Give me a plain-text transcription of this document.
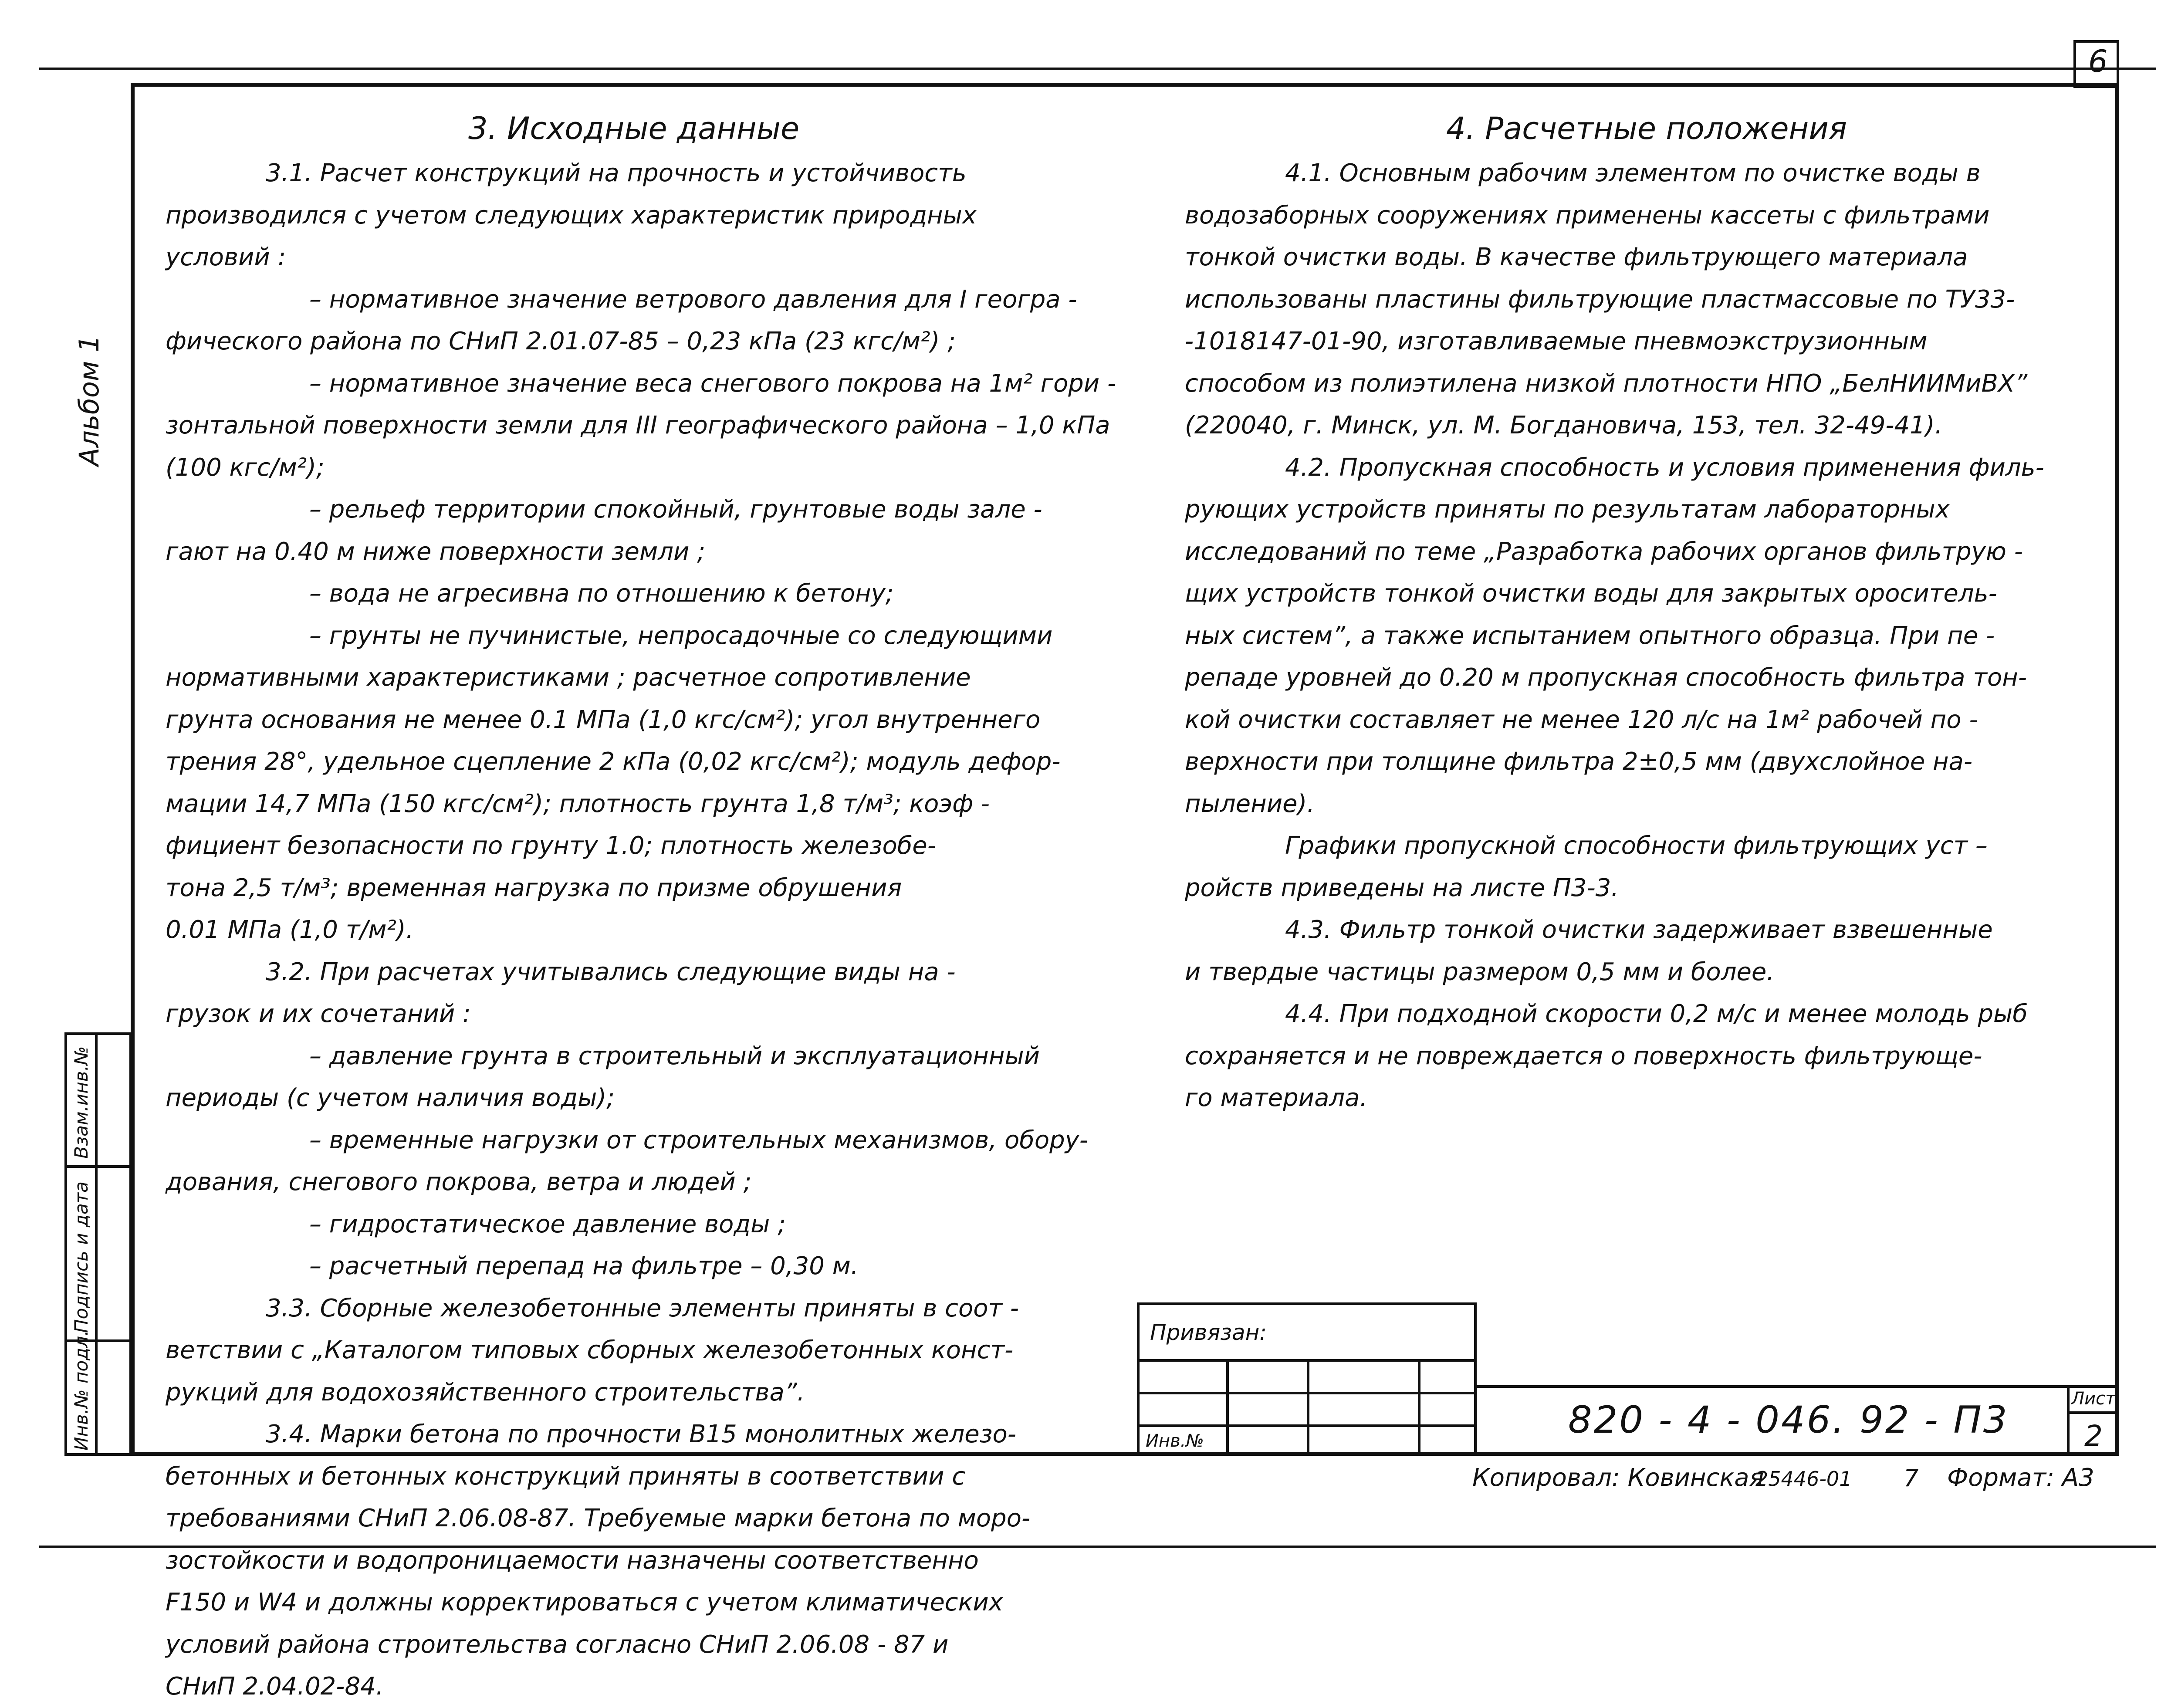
6
Альбом 1
Инв.№ подл.
Подпись и дата
Взам.инв.№
3. Исходные данные
3.1. Расчет конструкций на прочность и устойчивость
производился с учетом следующих характеристик природных
условий :
– нормативное значение ветрового давления для I геогра -
фического района по СНиП 2.01.07-85 – 0,23 кПа (23 кгс/м²) ;
– нормативное значение веса снегового покрова на 1м² гори -
зонтальной поверхности земли для III географического района – 1,0 кПа
(100 кгс/м²);
– рельеф территории спокойный, грунтовые воды зале -
гают на 0.40 м ниже поверхности земли ;
– вода не агресивна по отношению к бетону;
– грунты не пучинистые, непросадочные со следующими
нормативными характеристиками ; расчетное сопротивление
грунта основания не менее 0.1 МПа (1,0 кгс/см²); угол внутреннего
трения 28°, удельное сцепление 2 кПа (0,02 кгс/см²); модуль дефор-
мации 14,7 МПа (150 кгс/см²); плотность грунта 1,8 т/м³; коэф -
фициент безопасности по грунту 1.0; плотность железобе-
тона 2,5 т/м³; временная нагрузка по призме обрушения
0.01 МПа (1,0 т/м²).
3.2. При расчетах учитывались следующие виды на -
грузок и их сочетаний :
– давление грунта в строительный и эксплуатационный
периоды (с учетом наличия воды);
– временные нагрузки от строительных механизмов, обору-
дования, снегового покрова, ветра и людей ;
– гидростатическое давление воды ;
– расчетный перепад на фильтре – 0,30 м.
3.3. Сборные железобетонные элементы приняты в соот -
ветствии с „Каталогом типовых сборных железобетонных конст-
рукций для водохозяйственного строительства”.
3.4. Марки бетона по прочности В15 монолитных железо-
бетонных и бетонных конструкций приняты в соответствии с
требованиями СНиП 2.06.08-87. Требуемые марки бетона по моро-
зостойкости и водопроницаемости назначены соответственно
F150 и W4 и должны корректироваться с учетом климатических
условий района строительства согласно СНиП 2.06.08 - 87 и
СНиП 2.04.02-84.
4. Расчетные положения
4.1. Основным рабочим элементом по очистке воды в
водозаборных сооружениях применены кассеты с фильтрами
тонкой очистки воды. В качестве фильтрующего материала
использованы пластины фильтрующие пластмассовые по ТУ33-
-1018147-01-90, изготавливаемые пневмоэкструзионным
способом из полиэтилена низкой плотности НПО „БелНИИМиВХ”
(220040, г. Минск, ул. М. Богдановича, 153, тел. 32-49-41).
4.2. Пропускная способность и условия применения филь-
рующих устройств приняты по результатам лабораторных
исследований по теме „Разработка рабочих органов фильтрую -
щих устройств тонкой очистки воды для закрытых ороситель-
ных систем”, а также испытанием опытного образца. При пе -
репаде уровней до 0.20 м пропускная способность фильтра тон-
кой очистки составляет не менее 120 л/с на 1м² рабочей по -
верхности при толщине фильтра 2±0,5 мм (двухслойное на-
пыление).
Графики пропускной способности фильтрующих уст –
ройств приведены на листе П3-3.
4.3. Фильтр тонкой очистки задерживает взвешенные
и твердые частицы размером 0,5 мм и более.
4.4. При подходной скорости 0,2 м/с и менее молодь рыб
сохраняется и не повреждается о поверхность фильтрующе-
го материала.
Привязан:
Инв.№	820 - 4 - 046. 92 - П3	Лист
2
Копировал: Ковинская
25446-01 7 Формат: А3
